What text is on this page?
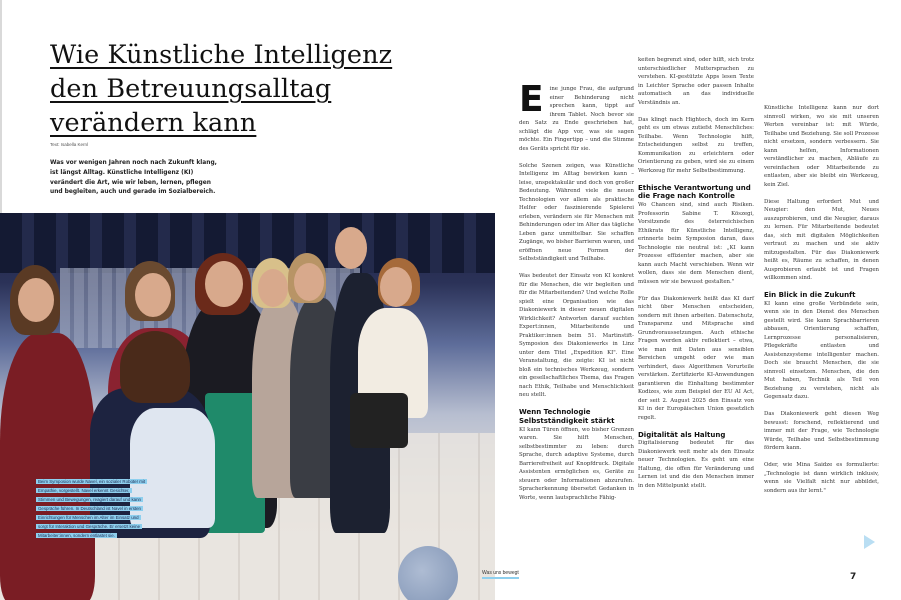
Wie Künstliche Intelligenz
den Betreuungsalltag
verändern kann
Text: Isabella Kernl
Was vor wenigen Jahren noch nach Zukunft klang, ist längst Alltag. Künstliche Intelligenz (KI) verändert die Art, wie wir leben, lernen, pflegen und begleiten, auch und gerade im Sozialbereich.
Beim Symposion wurde Navel, ein sozialer Roboter mit Empathie, vorgestellt. Navel erkennt Gesichter, Stimmen und Bewegungen, reagiert darauf und kann Gespräche führen. In Deutschland ist Navel in ersten Einrichtungen für Menschen im Alter im Einsatz und sorgt für Interaktion und Gespräche. Er ersetzt keine Mitarbeiter:innen, sondern entlastet sie.
Was uns bewegt

E ine junge Frau, die aufgrund einer Behinderung nicht sprechen kann, tippt auf ihrem Tablet. Noch bevor sie den Satz zu Ende geschrieben hat, schlägt die App vor, was sie sagen möchte. Ein Fingertipp – und die Stimme des Geräts spricht für sie.

Solche Szenen zeigen, was Künstliche Intelligenz im Alltag bewirken kann – leise, unspektakulär und doch von großer Bedeutung. Während viele die neuen Technologien vor allem als praktische Helfer oder faszinierende Spielerei erleben, verändern sie für Menschen mit Behinderungen oder im Alter das tägliche Leben ganz unmittelbar. Sie schaffen Zugänge, wo bisher Barrieren waren, und eröffnen neue Formen der Selbstständigkeit und Teilhabe.

Was bedeutet der Einsatz von KI konkret für die Menschen, die wir begleiten und für die Mitarbeitenden? Und welche Rolle spielt eine Organisation wie das Diakoniewerk in dieser neuen digitalen Wirklichkeit? Antworten darauf suchten Expert:innen, Mitarbeitende und Praktiker:innen beim 51. Martinstift-Symposion des Diakoniewerks in Linz unter dem Titel „Expedition KI". Eine Veranstaltung, die zeigte: KI ist nicht bloß ein technisches Werkzeug, sondern ein gesellschaftliches Thema, das Fragen nach Ethik, Teilhabe und Menschlichkeit neu stellt.

Wenn Technologie Selbstständigkeit stärkt

KI kann Türen öffnen, wo bisher Grenzen waren. Sie hilft Menschen, selbstbestimmter zu leben: durch Sprache, durch adaptive Systeme, durch Barrierefreiheit auf Knopfdruck. Digitale Assistenten ermöglichen es, Geräte zu steuern oder Informationen abzurufen. Spracherkennung übersetzt Gedanken in Worte, wenn lautsprachliche Fähig-

keiten begrenzt sind, oder hilft, sich trotz unterschiedlicher Muttersprachen zu verstehen. KI-gestützte Apps lesen Texte in Leichter Sprache oder passen Inhalte automatisch an das individuelle Verständnis an.

Das klingt nach Hightech, doch im Kern geht es um etwas zutiefst Menschliches: Teilhabe. Wenn Technologie hilft, Entscheidungen selbst zu treffen, Kommunikation zu erleichtern oder Orientierung zu geben, wird sie zu einem Werkzeug für mehr Selbstbestimmung.

Ethische Verantwortung und die Frage nach Kontrolle

Wo Chancen sind, sind auch Risiken. Professorin Sabine T. Köszegi, Vorsitzende des österreichischen Ethikrats für Künstliche Intelligenz, erinnerte beim Symposion daran, dass Technologie nie neutral ist: „KI kann Prozesse effizienter machen, aber sie kann auch Macht verschieben. Wenn wir wollen, dass sie dem Menschen dient, müssen wir sie bewusst gestalten."

Für das Diakoniewerk heißt das KI darf nicht über Menschen entscheiden, sondern mit ihnen arbeiten. Datenschutz, Transparenz und Mitsprache sind Grundvoraussetzungen. Auch ethische Fragen werden aktiv reflektiert – etwa, wie man mit Daten aus sensiblen Bereichen umgeht oder wie man verhindert, dass Algorithmen Vorurteile verstärken. Zertifizierte KI-Anwendungen garantieren die Einhaltung bestimmter Kodizes, wie zum Beispiel der EU AI Act, der seit 2. August 2025 den Einsatz von KI in der Europäischen Union gesetzlich regelt.

Digitalität als Haltung

Digitalisierung bedeutet für das Diakoniewerk weit mehr als den Einsatz neuer Technologien. Es geht um eine Haltung, die offen für Veränderung und Lernen ist und die den Menschen immer in den Mittelpunkt stellt.

Künstliche Intelligenz kann nur dort sinnvoll wirken, wo sie mit unseren Werten vereinbar ist: mit Würde, Teilhabe und Beziehung. Sie soll Prozesse nicht ersetzen, sondern verbessern. Sie kann helfen, Informationen verständlicher zu machen, Abläufe zu vereinfachen oder Mitarbeitende zu entlasten, aber sie bleibt ein Werkzeug, kein Ziel.

Diese Haltung erfordert Mut und Neugier: den Mut, Neues auszuprobieren, und die Neugier, daraus zu lernen. Für Mitarbeitende bedeutet das, sich mit digitalen Möglichkeiten vertraut zu machen und sie aktiv mitzugestalten. Für das Diakoniewerk heißt es, Räume zu schaffen, in denen Ausprobieren erlaubt ist und Fragen willkommen sind.

Ein Blick in die Zukunft

KI kann eine große Verbündete sein, wenn sie in den Dienst des Menschen gestellt wird. Sie kann Sprachbarrieren abbauen, Orientierung schaffen, Lernprozesse personalisieren, Pflegekräfte entlasten und Assistenzsysteme intelligenter machen. Doch sie braucht Menschen, die sie sinnvoll einsetzen. Menschen, die den Mut haben, Technik als Teil von Beziehung zu verstehen, nicht als Gegensatz dazu.

Das Diakoniewerk geht diesen Weg bewusst: forschend, reflektierend und immer mit der Frage, wie Technologie Würde, Teilhabe und Selbstbestimmung fördern kann.

Oder, wie Mina Saidze es formulierte: „Technologie ist dann wirklich inklusiv, wenn sie Vielfalt nicht nur abbildet, sondern aus ihr lernt."

7
